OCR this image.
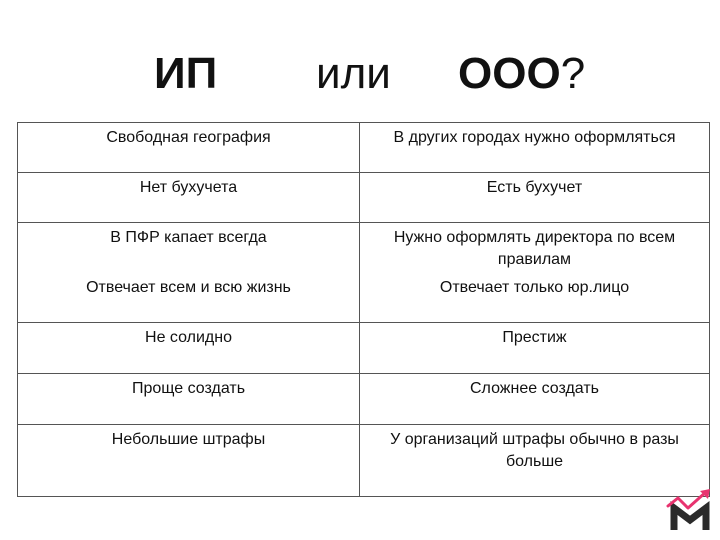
ИП или ООО?
Свободная география	В других городах нужно оформляться
Нет бухучета	Есть бухучет
В ПФР капает всегда	Нужно оформлять директора по всем правилам
Отвечает всем и всю жизнь	Отвечает только юр.лицо
Не солидно	Престиж
Проще создать	Сложнее создать
Небольшие штрафы	У организаций штрафы обычно в разы больше
